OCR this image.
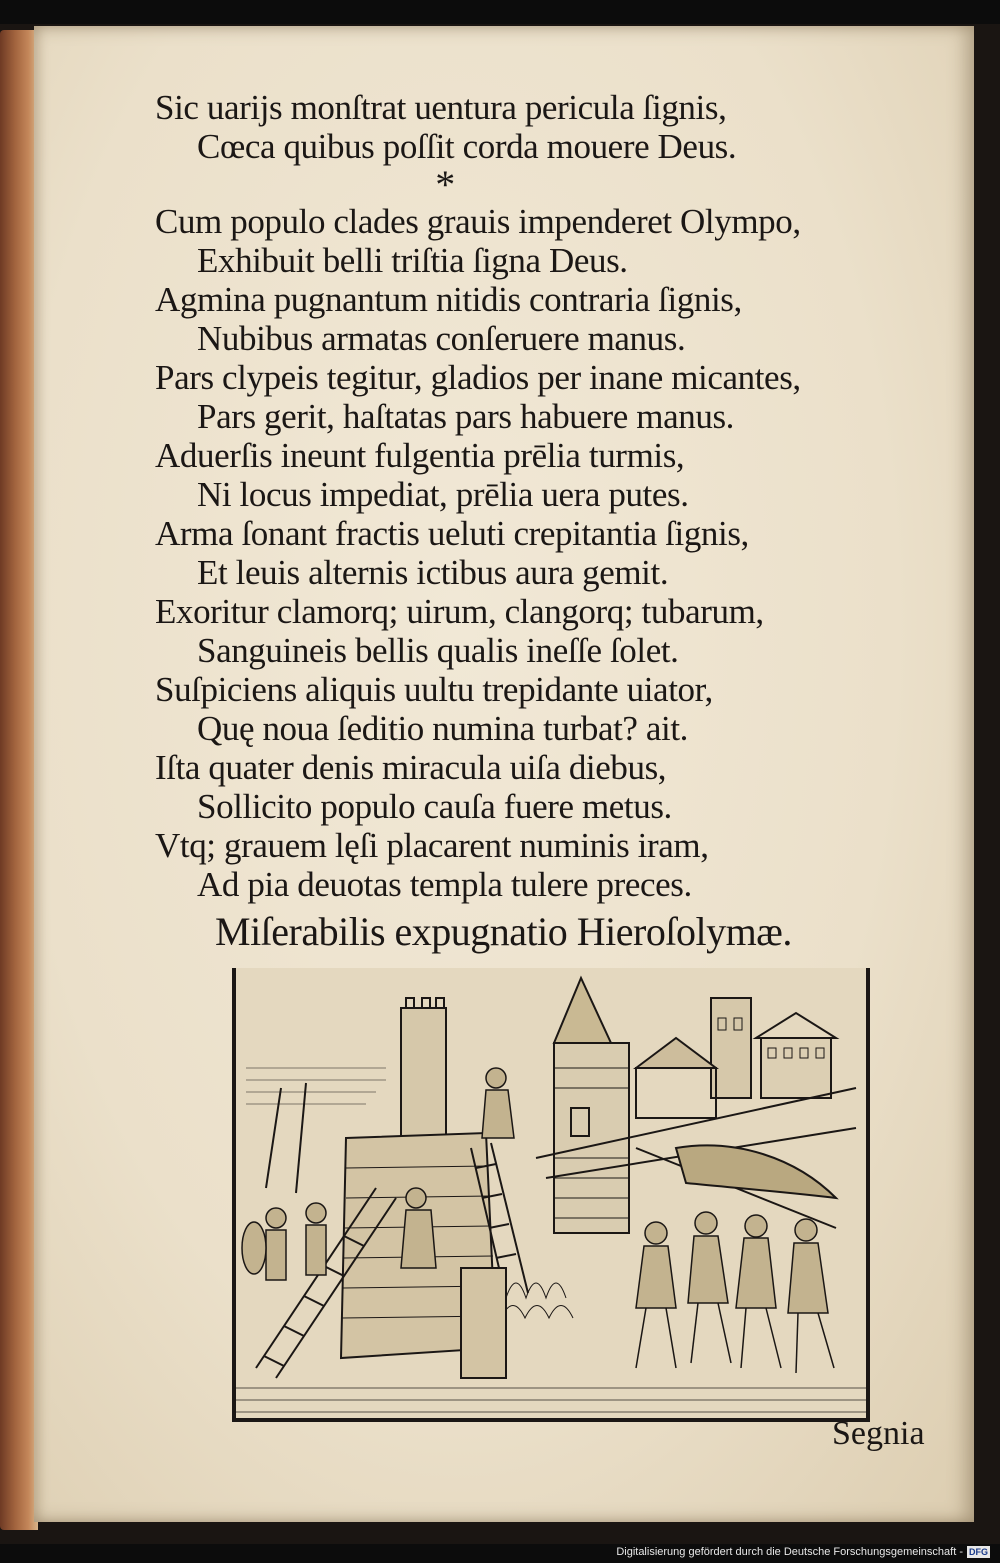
Sic uarijs monſtrat uentura pericula ſignis,
Cœca quibus poſſit corda mouere Deus.
*
Cum populo clades grauis impenderet Olympo,
Exhibuit belli triſtia ſigna Deus.
Agmina pugnantum nitidis contraria ſignis,
Nubibus armatas conſeruere manus.
Pars clypeis tegitur, gladios per inane micantes,
Pars gerit, haſtatas pars habuere manus.
Aduerſis ineunt fulgentia prēlia turmis,
Ni locus impediat, prēlia uera putes.
Arma ſonant fractis ueluti crepitantia ſignis,
Et leuis alternis ictibus aura gemit.
Exoritur clamorq; uirum, clangorq; tubarum,
Sanguineis bellis qualis ineſſe ſolet.
Suſpiciens aliquis uultu trepidante uiator,
Quę noua ſeditio numina turbat? ait.
Iſta quater denis miracula uiſa diebus,
Sollicito populo cauſa fuere metus.
Vtq; grauem lęſi placarent numinis iram,
Ad pia deuotas templa tulere preces.
Miſerabilis expugnatio Hieroſolymæ.
Segnia
Digitalisierung gefördert durch die Deutsche Forschungsgemeinschaft - DFG
